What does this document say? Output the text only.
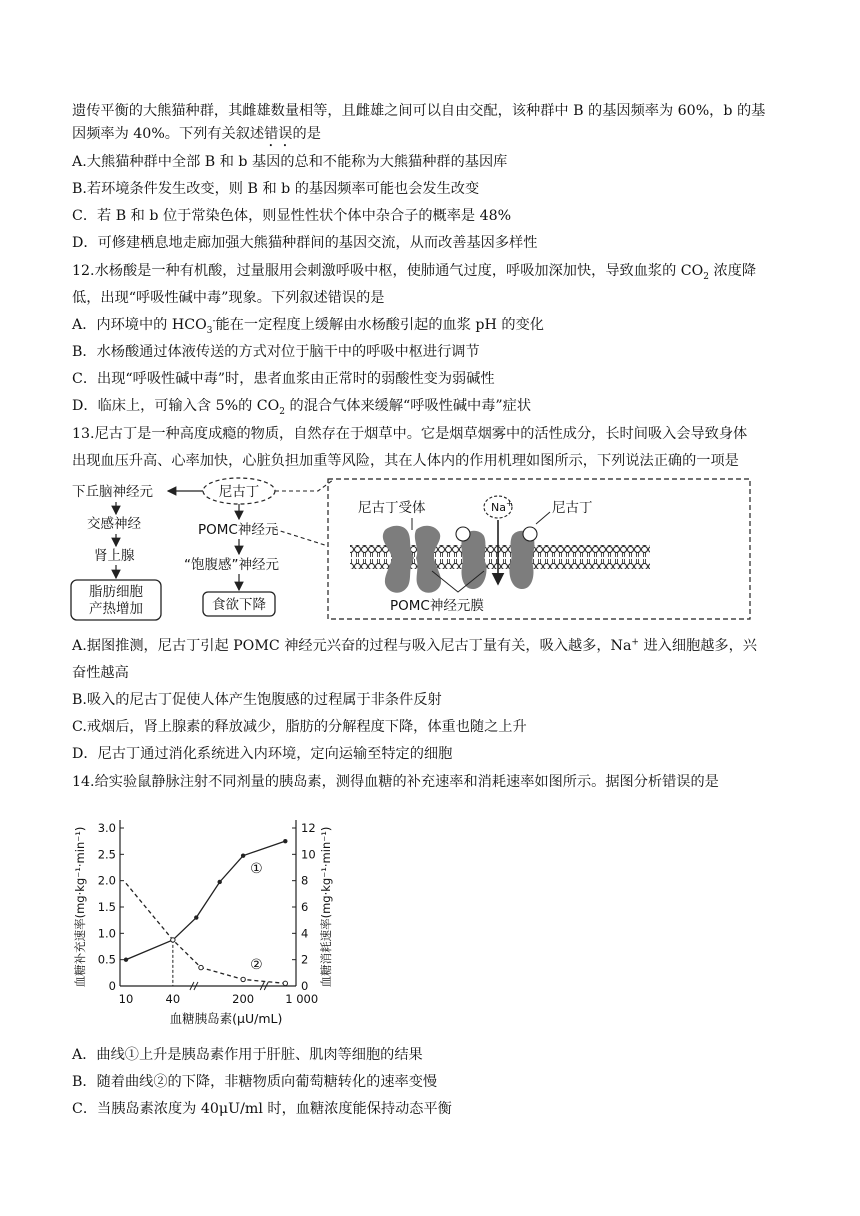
遗传平衡的大熊猫种群，其雌雄数量相等，且雌雄之间可以自由交配，该种群中 B 的基因频率为 60%，b 的基
因频率为 40%。下列有关叙述错误的是
A.大熊猫种群中全部 B 和 b 基因的总和不能称为大熊猫种群的基因库
B.若环境条件发生改变，则 B 和 b 的基因频率可能也会发生改变
C．若 B 和 b 位于常染色体，则显性性状个体中杂合子的概率是 48%
D．可修建栖息地走廊加强大熊猫种群间的基因交流，从而改善基因多样性
12.水杨酸是一种有机酸，过量服用会刺激呼吸中枢，使肺通气过度，呼吸加深加快，导致血浆的 $CO_2$ 浓度降
低，出现“呼吸性碱中毒”现象。下列叙述错误的是
A．内环境中的 $HCO_3^-$能在一定程度上缓解由水杨酸引起的血浆 pH 的变化
B．水杨酸通过体液传送的方式对位于脑干中的呼吸中枢进行调节
C．出现“呼吸性碱中毒”时，患者血浆由正常时的弱酸性变为弱碱性
D．临床上，可输入含 5%的 $CO_2$ 的混合气体来缓解“呼吸性碱中毒”症状
13.尼古丁是一种高度成瘾的物质，自然存在于烟草中。它是烟草烟雾中的活性成分，长时间吸入会导致身体
出现血压升高、心率加快，心脏负担加重等风险，其在人体内的作用机理如图所示，下列说法正确的一项是
尼古丁
下丘脑神经元
交感神经
肾上腺
脂肪细胞
产热增加
POMC神经元
“饱腹感”神经元
食欲下降
尼古丁受体	Na+	尼古丁
POMC神经元膜
A.据图推测，尼古丁引起 POMC 神经元兴奋的过程与吸入尼古丁量有关，吸入越多，Na+ 进入细胞越多，兴
奋性越高
B.吸入的尼古丁促使人体产生饱腹感的过程属于非条件反射
C.戒烟后，肾上腺素的释放减少，脂肪的分解程度下降，体重也随之上升
D．尼古丁通过消化系统进入内环境，定向运输至特定的细胞
14.给实验鼠静脉注射不同剂量的胰岛素，测得血糖的补充速率和消耗速率如图所示。据图分析错误的是
0
0.5
1.0
1.5
2.0
2.5
3.0
0
2
4
6
8
10
12
10	40	200	1 000
血糖胰岛素(μU/mL)
血糖补充速率(mg·kg⁻¹·min⁻¹)	血糖消耗速率(mg·kg⁻¹·min⁻¹)
①
②
A．曲线①上升是胰岛素作用于肝脏、肌肉等细胞的结果
B．随着曲线②的下降，非糖物质向葡萄糖转化的速率变慢
C．当胰岛素浓度为 40μU/ml 时，血糖浓度能保持动态平衡
